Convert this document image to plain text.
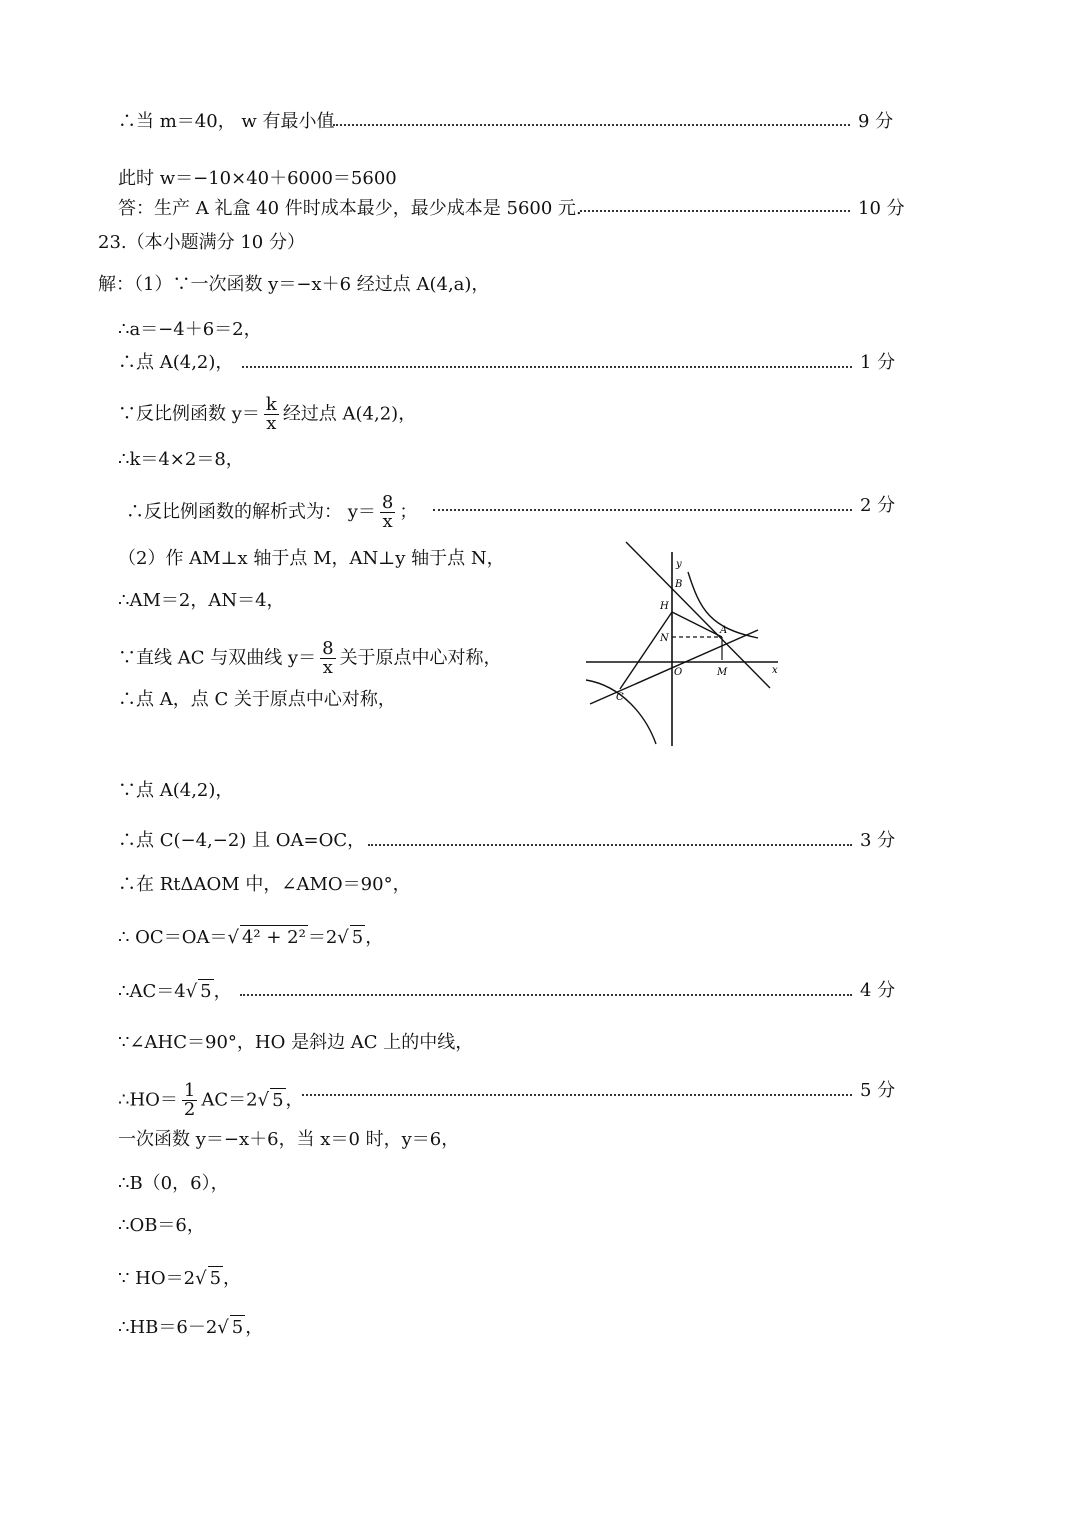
∴当 m＝40， w 有最小值	9 分
此时 w＝−10×40＋6000＝5600
答：生产 A 礼盒 40 件时成本最少，最少成本是 5600 元.	10 分
23.（本小题满分 10 分）
解：（1）∵一次函数 y＝−x＋6 经过点 A(4,a)，
∴a＝−4＋6＝2，
∴点 A(4,2)，	1 分
∵反比例函数 $y= \frac{k}{x}$ 经过点 A(4,2)，
∴k＝4×2＝8，
∴反比例函数的解析式为： $y= \frac{8}{x}$ ；	2 分
（2）作 AM⊥x 轴于点 M，AN⊥y 轴于点 N，
∴AM＝2，AN＝4，
∵直线 AC 与双曲线 $y= \frac{8}{x}$ 关于原点中心对称，
∴点 A，点 C 关于原点中心对称，
y
x
B
H
N
A
O	M
C
∵点 A(4,2)，
∴点 C(−4,−2) 且 OA=OC，	3 分
∴在 RtΔAOM 中，∠AMO＝90°，
∴ OC＝OA＝√ 4² + 2² ＝2√ 5 ，
∴AC＝4√ 5 ，	4 分
∵∠AHC＝90°，HO 是斜边 AC 上的中线，
∴HO＝ $\frac{1}{2} AC=2√$ 5 ，	5 分
一次函数 y＝−x＋6，当 x＝0 时，y＝6，
∴B（0，6），
∴OB＝6，
∵ HO＝2√ 5 ，
∴HB＝6－2√ 5 ，
